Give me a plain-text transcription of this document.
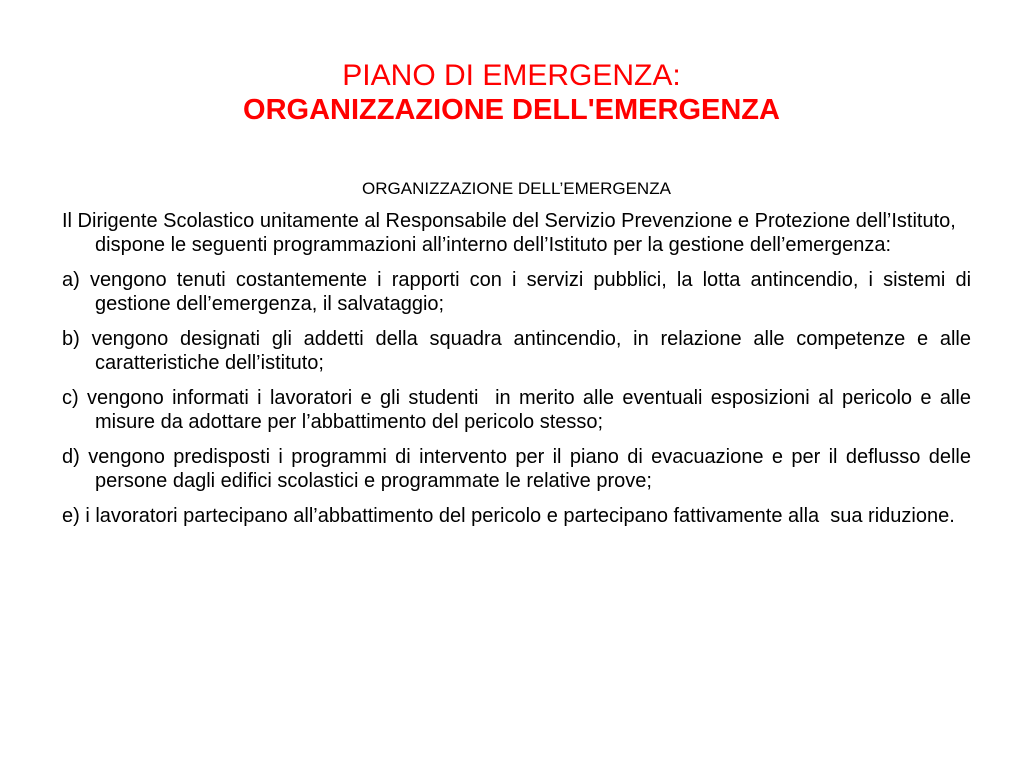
PIANO DI EMERGENZA:
ORGANIZZAZIONE DELL'EMERGENZA
ORGANIZZAZIONE DELL’EMERGENZA

Il Dirigente Scolastico unitamente al Responsabile del Servizio Prevenzione e Protezione dell’Istituto, dispone le seguenti programmazioni all’interno dell’Istituto per la gestione dell’emergenza:

a) vengono tenuti costantemente i rapporti con i servizi pubblici, la lotta antincendio, i sistemi di gestione dell’emergenza, il salvataggio;

b) vengono designati gli addetti della squadra antincendio, in relazione alle competenze e alle caratteristiche dell’istituto;

c) vengono informati i lavoratori e gli studenti  in merito alle eventuali esposizioni al pericolo e alle misure da adottare per l’abbattimento del pericolo stesso;

d) vengono predisposti i programmi di intervento per il piano di evacuazione e per il deflusso delle persone dagli edifici scolastici e programmate le relative prove;

e) i lavoratori partecipano all’abbattimento del pericolo e partecipano fattivamente alla  sua riduzione.
